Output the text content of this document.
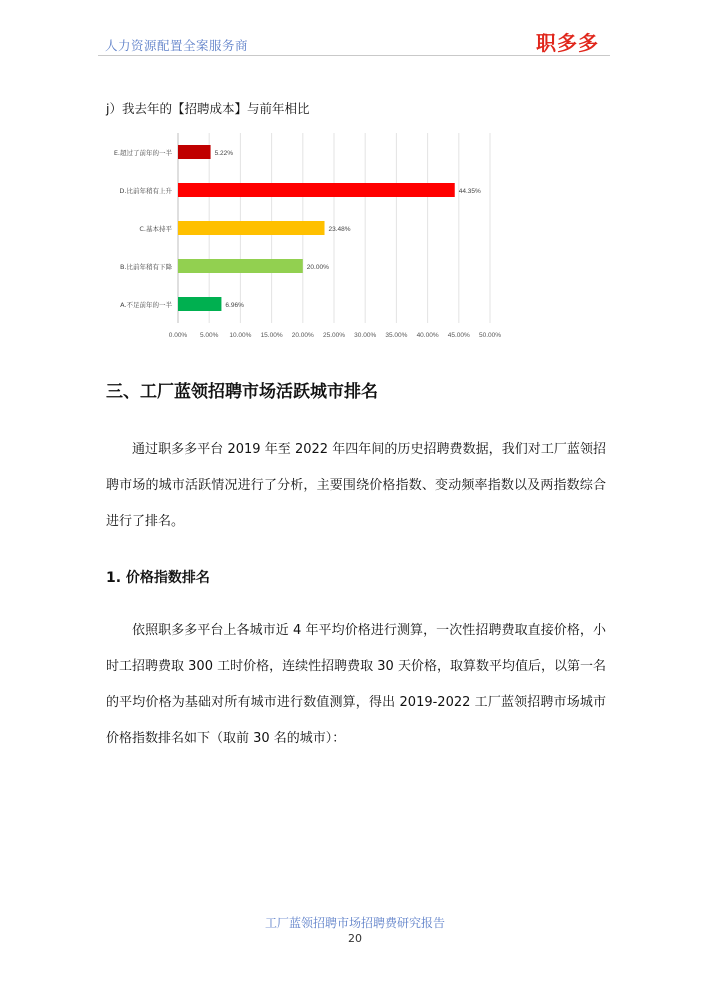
人力资源配置全案服务商	职多多
j）我去年的【招聘成本】与前年相比
0.00% 5.00% 10.00% 15.00% 20.00% 25.00% 30.00% 35.00% 40.00% 45.00% 50.00%
E.超过了前年的一半	5.22%
D.比前年稍有上升	44.35%
C.基本持平	23.48%
B.比前年稍有下降	20.00%
A.不足前年的一半	6.96%
三、工厂蓝领招聘市场活跃城市排名

通过职多多平台 2019 年至 2022 年四年间的历史招聘费数据，我们对工厂蓝领招聘市场的城市活跃情况进行了分析，主要围绕价格指数、变动频率指数以及两指数综合进行了排名。

1. 价格指数排名

依照职多多平台上各城市近 4 年平均价格进行测算，一次性招聘费取直接价格，小时工招聘费取 300 工时价格，连续性招聘费取 30 天价格，取算数平均值后，以第一名的平均价格为基础对所有城市进行数值测算，得出 2019-2022 工厂蓝领招聘市场城市价格指数排名如下（取前 30 名的城市）：

工厂蓝领招聘市场招聘费研究报告
20
